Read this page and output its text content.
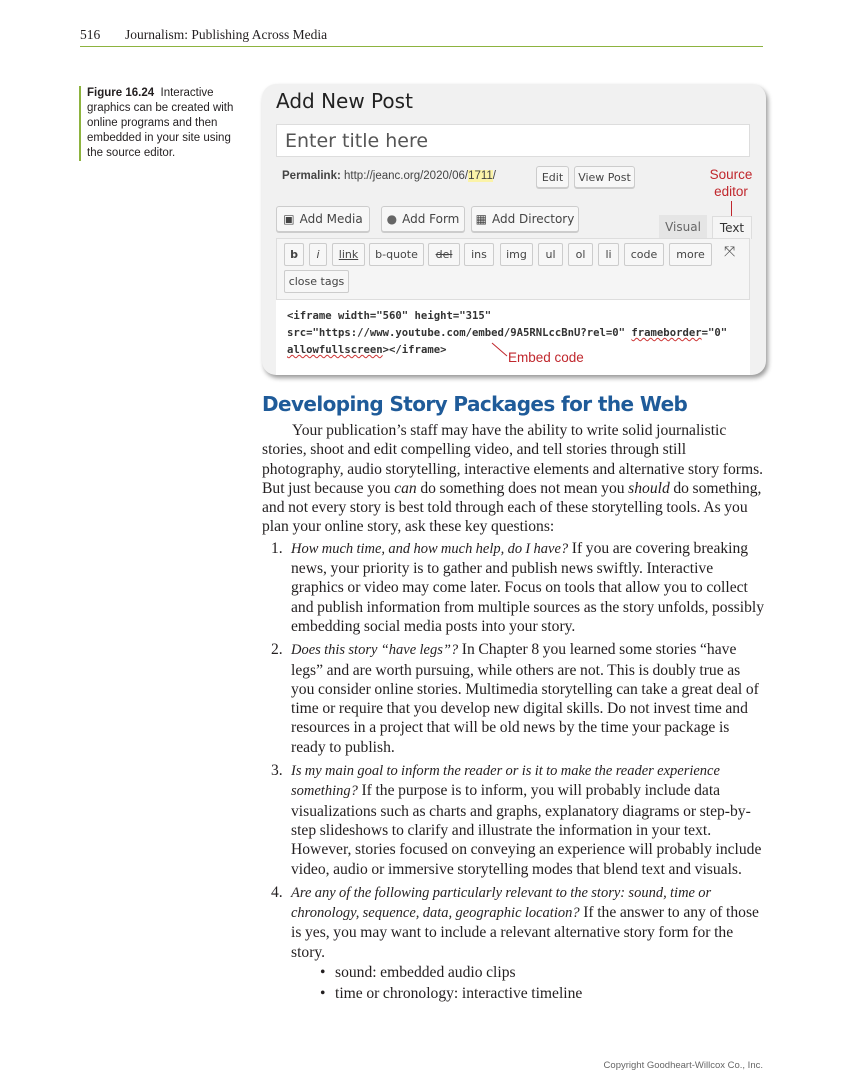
516 Journalism: Publishing Across Media
Figure 16.24 Interactive graphics can be created with online programs and then embedded in your site using the source editor.
Add New Post
Enter title here
Permalink: http://jeanc.org/2020/06/1711/	Edit	View Post	Source editor
▣ Add Media ● Add Form ▦ Add Directory
Visual	Text
b	i	link	b-quote	del	ins	img	ul	ol	li	code	more	⤧
close tags
<iframe width="560" height="315"
src="https://www.youtube.com/embed/9A5RNLccBnU?rel=0" frameborder="0"
allowfullscreen></iframe>	Embed code
Developing Story Packages for the Web

Your publication’s staff may have the ability to write solid journalistic stories, shoot and edit compelling video, and tell stories through still photography, audio storytelling, interactive elements and alternative story forms. But just because you can do something does not mean you should do something, and not every story is best told through each of these storytelling tools. As you plan your online story, ask these key questions:

1. How much time, and how much help, do I have? If you are covering breaking news, your priority is to gather and publish news swiftly. Interactive graphics or video may come later. Focus on tools that allow you to collect and publish information from multiple sources as the story unfolds, possibly embedding social media posts into your story.
2. Does this story “have legs”? In Chapter 8 you learned some stories “have legs” and are worth pursuing, while others are not. This is doubly true as you consider online stories. Multimedia storytelling can take a great deal of time or require that you develop new digital skills. Do not invest time and resources in a project that will be old news by the time your package is ready to publish.
3. Is my main goal to inform the reader or is it to make the reader experience something? If the purpose is to inform, you will probably include data visualizations such as charts and graphs, explanatory diagrams or step-by-step slideshows to clarify and illustrate the information in your text. However, stories focused on conveying an experience will probably include video, audio or immersive storytelling modes that blend text and visuals.
4. Are any of the following particularly relevant to the story: sound, time or chronology, sequence, data, geographic location? If the answer to any of those is yes, you may want to include a relevant alternative story form for the story.
• sound: embedded audio clips
• time or chronology: interactive timeline
Copyright Goodheart-Willcox Co., Inc.
